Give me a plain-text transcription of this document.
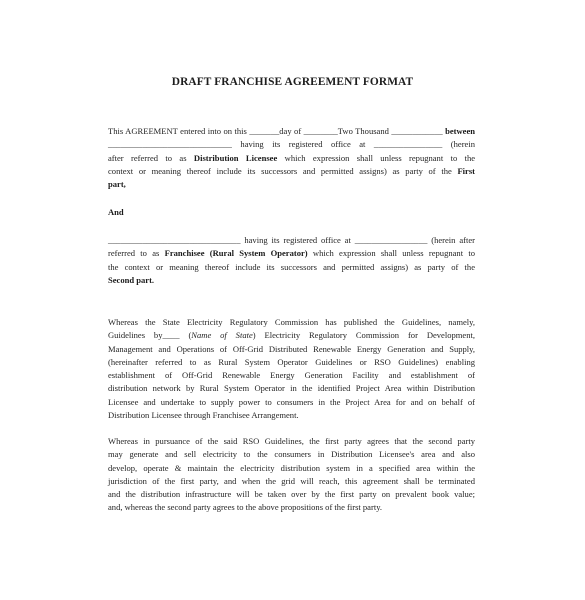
DRAFT FRANCHISE AGREEMENT FORMAT
This AGREEMENT entered into on this _______day of ________Two Thousand ____________ between
_____________________________ having its registered office at ________________ (herein
after referred to as Distribution Licensee which expression shall unless repugnant to the
context or meaning thereof include its successors and permitted assigns) as party of the First
part,
And
_______________________________ having its registered office at _________________ (herein after
referred to as Franchisee (Rural System Operator) which expression shall unless repugnant to
the context or meaning thereof include its successors and permitted assigns) as party of the
Second part.
Whereas the State Electricity Regulatory Commission has published the Guidelines, namely,
Guidelines by____ (Name of State) Electricity Regulatory Commission for Development,
Management and Operations of Off-Grid Distributed Renewable Energy Generation and Supply,
(hereinafter referred to as Rural System Operator Guidelines or RSO Guidelines) enabling
establishment of Off-Grid Renewable Energy Generation Facility and establishment of
distribution network by Rural System Operator in the identified Project Area within Distribution
Licensee and undertake to supply power to consumers in the Project Area for and on behalf of
Distribution Licensee through Franchisee Arrangement.
Whereas in pursuance of the said RSO Guidelines, the first party agrees that the second party
may generate and sell electricity to the consumers in Distribution Licensee's area and also
develop, operate & maintain the electricity distribution system in a specified area within the
jurisdiction of the first party, and when the grid will reach, this agreement shall be terminated
and the distribution infrastructure will be taken over by the first party on prevalent book value;
and, whereas the second party agrees to the above propositions of the first party.
